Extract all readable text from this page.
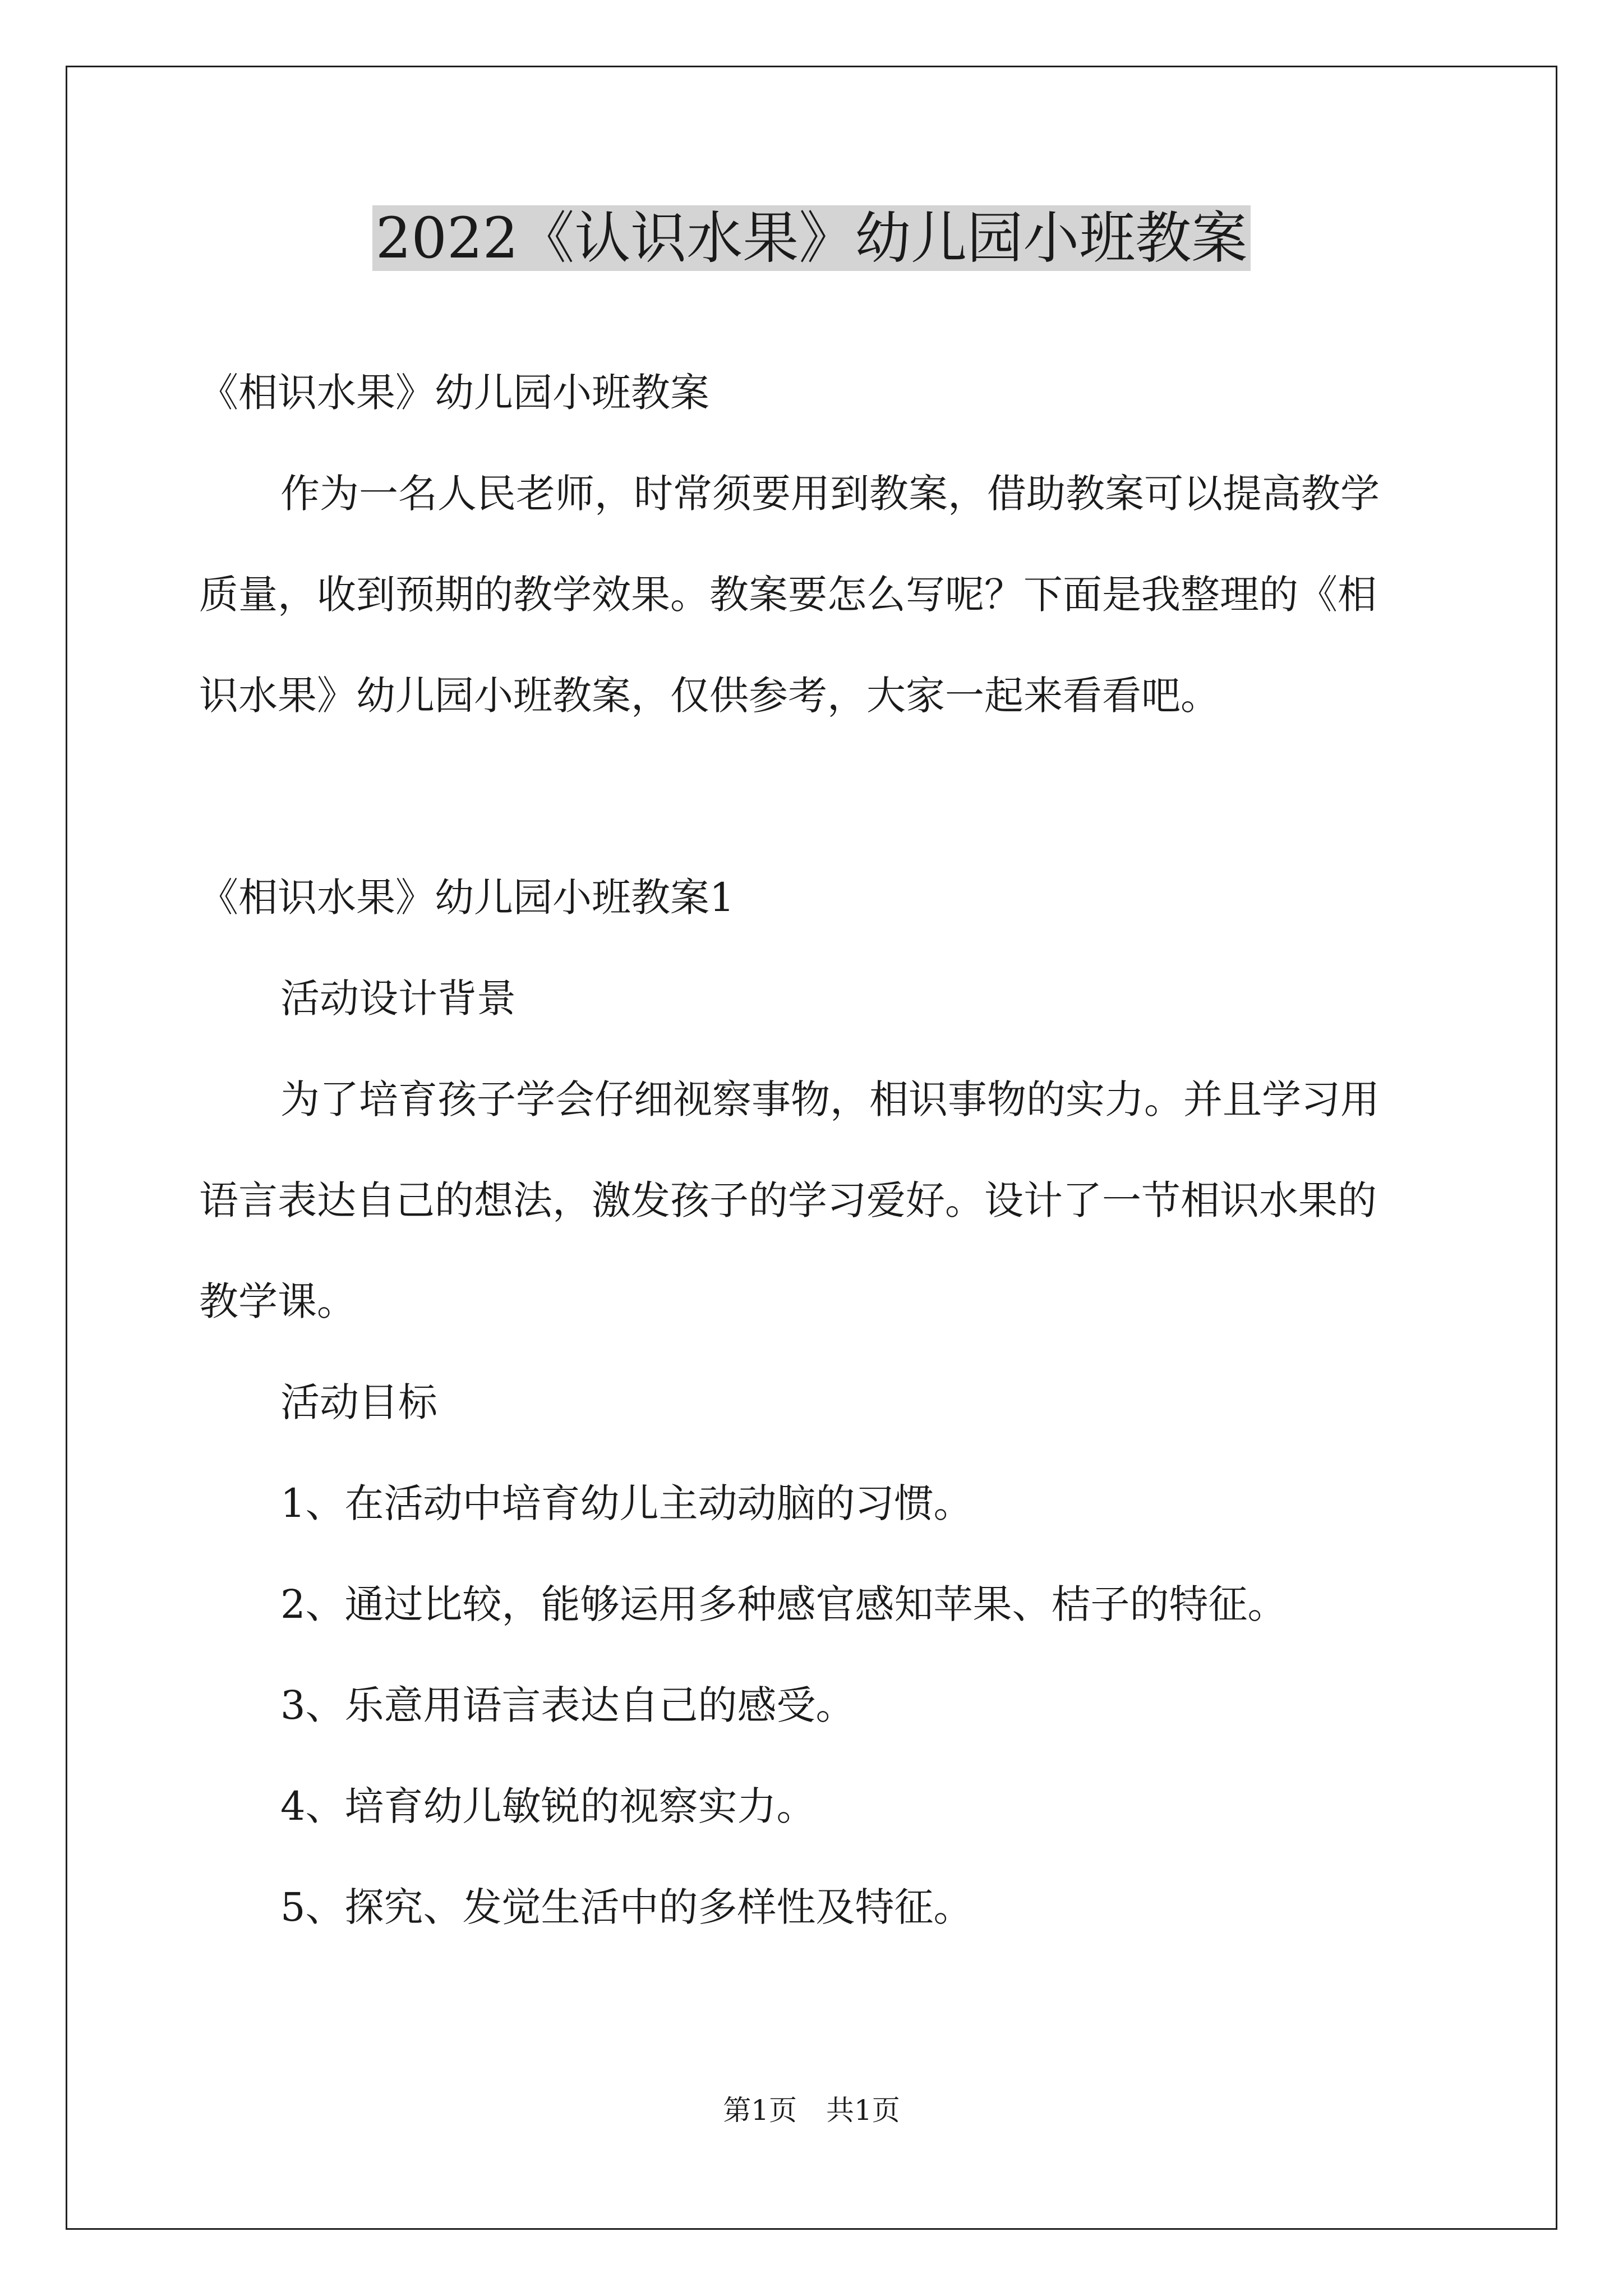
2022《认识水果》幼儿园小班教案

《相识水果》幼儿园小班教案

作为一名人民老师，时常须要用到教案，借助教案可以提高教学

质量，收到预期的教学效果。教案要怎么写呢？下面是我整理的《相

识水果》幼儿园小班教案，仅供参考，大家一起来看看吧。

《相识水果》幼儿园小班教案1

活动设计背景

为了培育孩子学会仔细视察事物，相识事物的实力。并且学习用

语言表达自己的想法，激发孩子的学习爱好。设计了一节相识水果的

教学课。

活动目标

1、在活动中培育幼儿主动动脑的习惯。

2、通过比较，能够运用多种感官感知苹果、桔子的特征。

3、乐意用语言表达自己的感受。

4、培育幼儿敏锐的视察实力。

5、探究、发觉生活中的多样性及特征。

第1页 共1页
